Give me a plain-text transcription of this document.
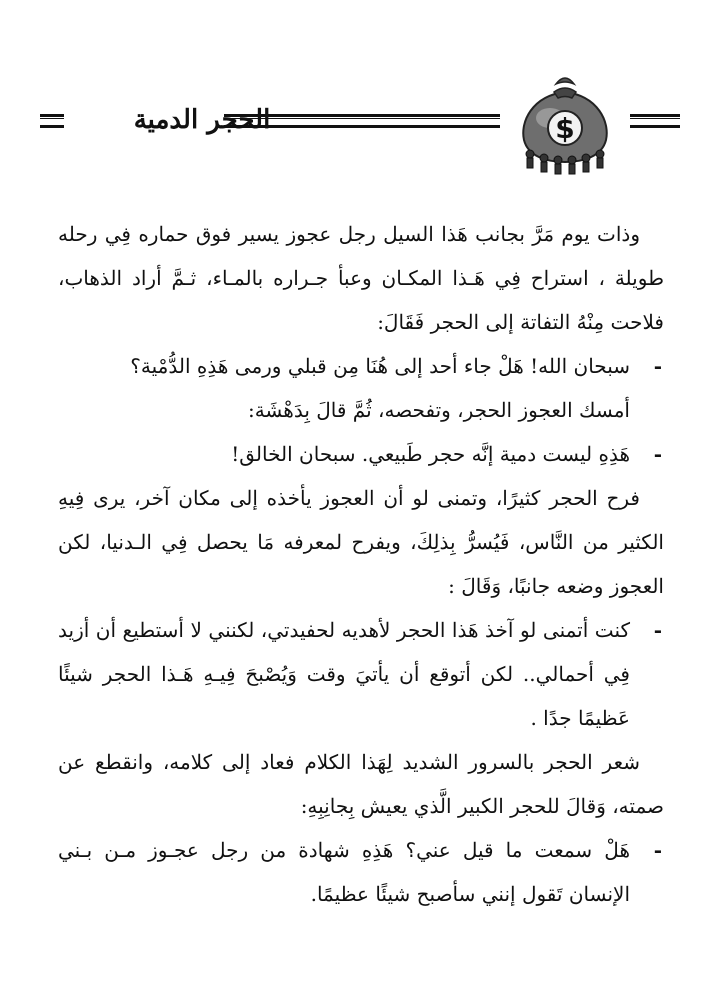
الحجر الدمية	$

وذات يوم مَرَّ بجانب هَذا السيل رجل عجوز يسير فوق حماره فِي رحله طويلة ، استراح فِي هَـذا المكـان وعبأ جـراره بالمـاء، ثـمَّ أراد الذهاب، فلاحت مِنْهُ التفاتة إلى الحجر فَقَالَ:

-
سبحان الله! هَلْ جاء أحد إلى هُنَا مِن قبلي ورمى هَذِهِ الدُّمْية؟

أمسك العجوز الحجر، وتفحصه، ثُمَّ قالَ بِدَهْشَة:

-
هَذِهِ ليست دمية إنَّه حجر طَبيعي. سبحان الخالق!

فرح الحجر كثيرًا، وتمنى لو أن العجوز يأخذه إلى مكان آخر، يرى فِيهِ الكثير من النَّاس، فَيُسرُّ بِذلِكَ، ويفرح لمعرفه مَا يحصل فِي الـدنيا، لكن العجوز وضعه جانبًا، وَقَالَ :

-
كنت أتمنى لو آخذ هَذا الحجر لأهديه لحفيدتي، لكنني لا أستطيع أن أزيد فِي أحمالي.. لكن أتوقع أن يأتيَ وقت وَيُصْبحَ فِيـهِ هَـذا الحجر شيئًا عَظيمًا جدًا .

شعر الحجر بالسرور الشديد لِهَذا الكلام فعاد إلى كلامه، وانقطع عن صمته، وَقالَ للحجر الكبير الَّذي يعيش بِجانِبِهِ:

-
هَلْ سمعت ما قيل عني؟ هَذِهِ شهادة من رجل عجـوز مـن بـني الإنسان تَقول إنني سأصبح شيئًا عظيمًا.
